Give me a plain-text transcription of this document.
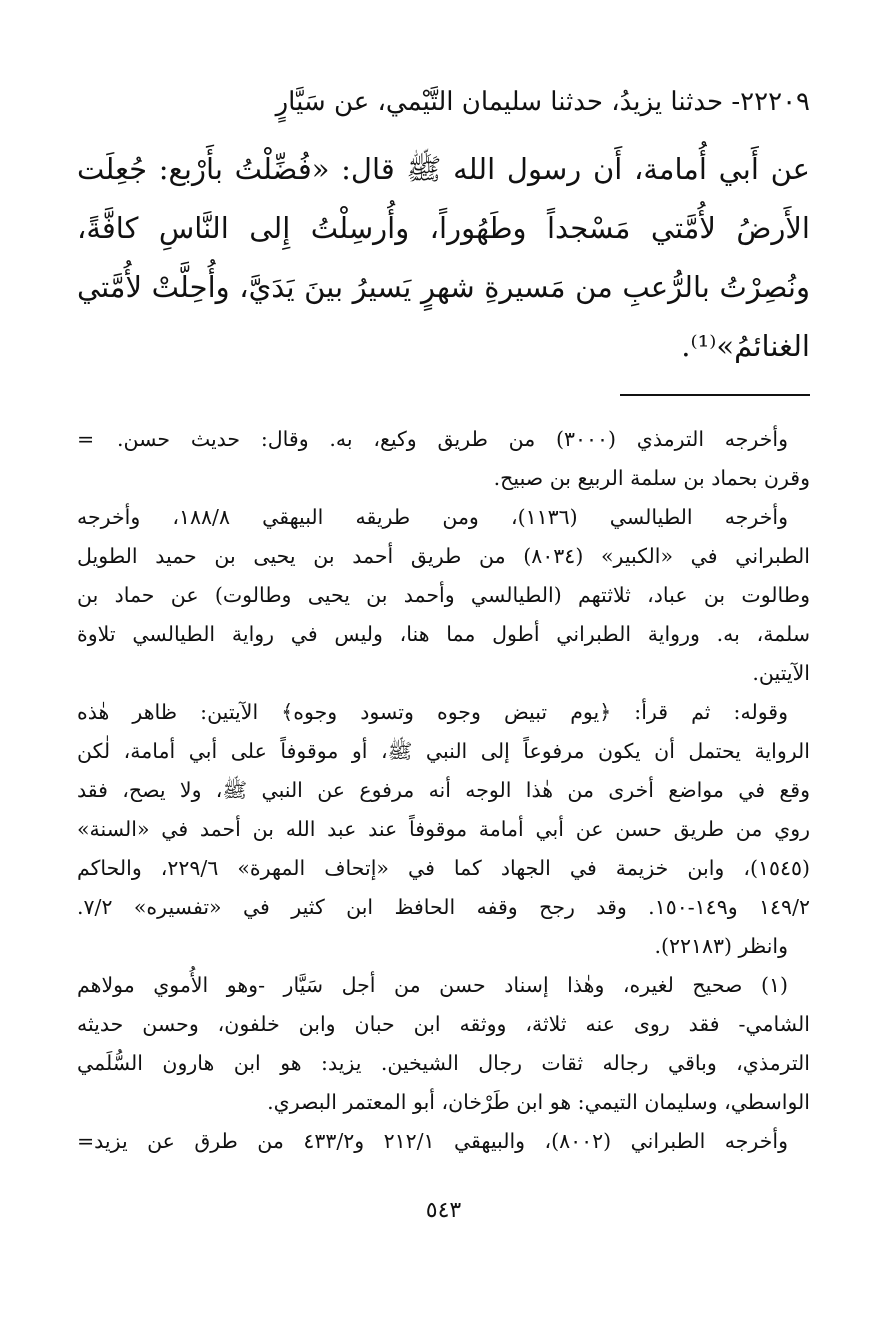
٢٢٢٠٩- حدثنا يزيدُ، حدثنا سليمان التَّيْمي، عن سَيَّارٍ
عن أَبي أُمامة، أَن رسول الله ﷺ قال: «فُضِّلْتُ بأَرْبع: جُعِلَت
الأَرضُ لأُمَّتي مَسْجداً وطَهُوراً، وأُرسِلْتُ إِلى النَّاسِ كافَّةً،
ونُصِرْتُ بالرُّعبِ من مَسيرةِ شهرٍ يَسيرُ بينَ يَدَيَّ، وأُحِلَّتْ لأُمَّتي
الغنائمُ»⁽¹⁾.
= وأخرجه الترمذي (٣٠٠٠) من طريق وكيع، به. وقال: حديث حسن.
وقرن بحماد بن سلمة الربيع بن صبيح.
وأخرجه الطيالسي (١١٣٦)، ومن طريقه البيهقي ١٨٨/٨، وأخرجه
الطبراني في «الكبير» (٨٠٣٤) من طريق أحمد بن يحيى بن حميد الطويل
وطالوت بن عباد، ثلاثتهم (الطيالسي وأحمد بن يحيى وطالوت) عن حماد بن
سلمة، به. ورواية الطبراني أطول مما هنا، وليس في رواية الطيالسي تلاوة
الآيتين.
وقوله: ثم قرأ: ﴿يوم تبيض وجوه وتسود وجوه﴾ الآيتين: ظاهر هٰذه
الرواية يحتمل أن يكون مرفوعاً إلى النبي ﷺ، أو موقوفاً على أبي أمامة، لٰكن
وقع في مواضع أخرى من هٰذا الوجه أنه مرفوع عن النبي ﷺ، ولا يصح، فقد
روي من طريق حسن عن أبي أمامة موقوفاً عند عبد الله بن أحمد في «السنة»
(١٥٤٥)، وابن خزيمة في الجهاد كما في «إتحاف المهرة» ٢٢٩/٦، والحاكم
١٤٩/٢ و١٤٩-١٥٠. وقد رجح وقفه الحافظ ابن كثير في «تفسيره» ٧/٢.
وانظر (٢٢١٨٣).
(١) صحيح لغيره، وهٰذا إسناد حسن من أجل سَيَّار -وهو الأُموي مولاهم
الشامي- فقد روى عنه ثلاثة، ووثقه ابن حبان وابن خلفون، وحسن حديثه
الترمذي، وباقي رجاله ثقات رجال الشيخين. يزيد: هو ابن هارون السُّلَمي
الواسطي، وسليمان التيمي: هو ابن طَرْخان، أبو المعتمر البصري.
وأخرجه الطبراني (٨٠٠٢)، والبيهقي ٢١٢/١ و٤٣٣/٢ من طرق عن يزيد=
٥٤٣
